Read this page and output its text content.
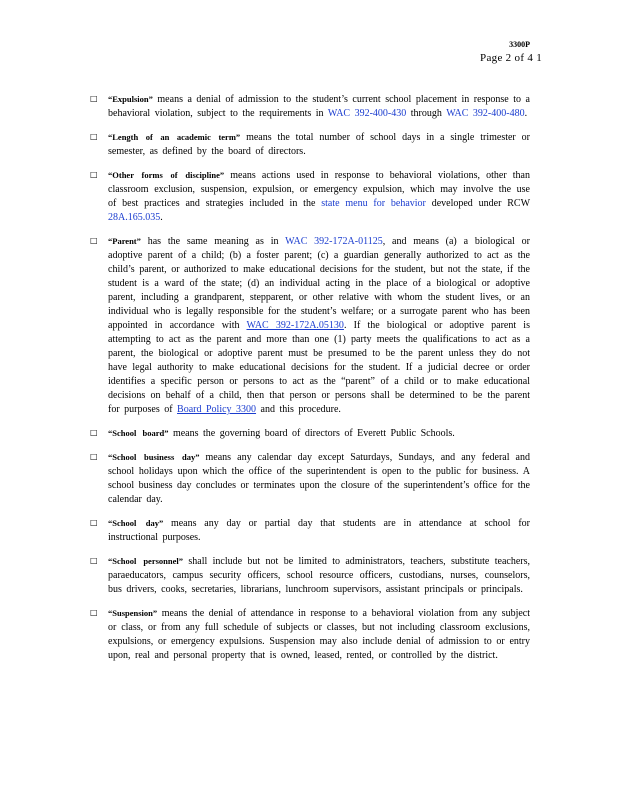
3300P
Page 2 of 4 1
□	“Expulsion” means a denial of admission to the student’s current school placement in response to a behavioral violation, subject to the requirements in WAC 392-400-430 through WAC 392-400-480.
□	“Length of an academic term” means the total number of school days in a single trimester or semester, as defined by the board of directors.
□	“Other forms of discipline” means actions used in response to behavioral violations, other than classroom exclusion, suspension, expulsion, or emergency expulsion, which may involve the use of best practices and strategies included in the state menu for behavior developed under RCW 28A.165.035.
□	“Parent” has the same meaning as in WAC 392-172A-01125, and means (a) a biological or adoptive parent of a child; (b) a foster parent; (c) a guardian generally authorized to act as the child’s parent, or authorized to make educational decisions for the student, but not the state, if the student is a ward of the state; (d) an individual acting in the place of a biological or adoptive parent, including a grandparent, stepparent, or other relative with whom the student lives, or an individual who is legally responsible for the student’s welfare; or a surrogate parent who has been appointed in accordance with WAC 392-172A.05130. If the biological or adoptive parent is attempting to act as the parent and more than one (1) party meets the qualifications to act as a parent, the biological or adoptive parent must be presumed to be the parent unless they do not have legal authority to make educational decisions for the student. If a judicial decree or order identifies a specific person or persons to act as the “parent” of a child or to make educational decisions on behalf of a child, then that person or persons shall be determined to be the parent for purposes of Board Policy 3300 and this procedure.
□	“School board” means the governing board of directors of Everett Public Schools.
□	“School business day” means any calendar day except Saturdays, Sundays, and any federal and school holidays upon which the office of the superintendent is open to the public for business. A school business day concludes or terminates upon the closure of the superintendent’s office for the calendar day.
□	“School day” means any day or partial day that students are in attendance at school for instructional purposes.
□	“School personnel” shall include but not be limited to administrators, teachers, substitute teachers, paraeducators, campus security officers, school resource officers, custodians, nurses, counselors, bus drivers, cooks, secretaries, librarians, lunchroom supervisors, assistant principals or principals.
□	“Suspension” means the denial of attendance in response to a behavioral violation from any subject or class, or from any full schedule of subjects or classes, but not including classroom exclusions, expulsions, or emergency expulsions. Suspension may also include denial of admission to or entry upon, real and personal property that is owned, leased, rented, or controlled by the district.
